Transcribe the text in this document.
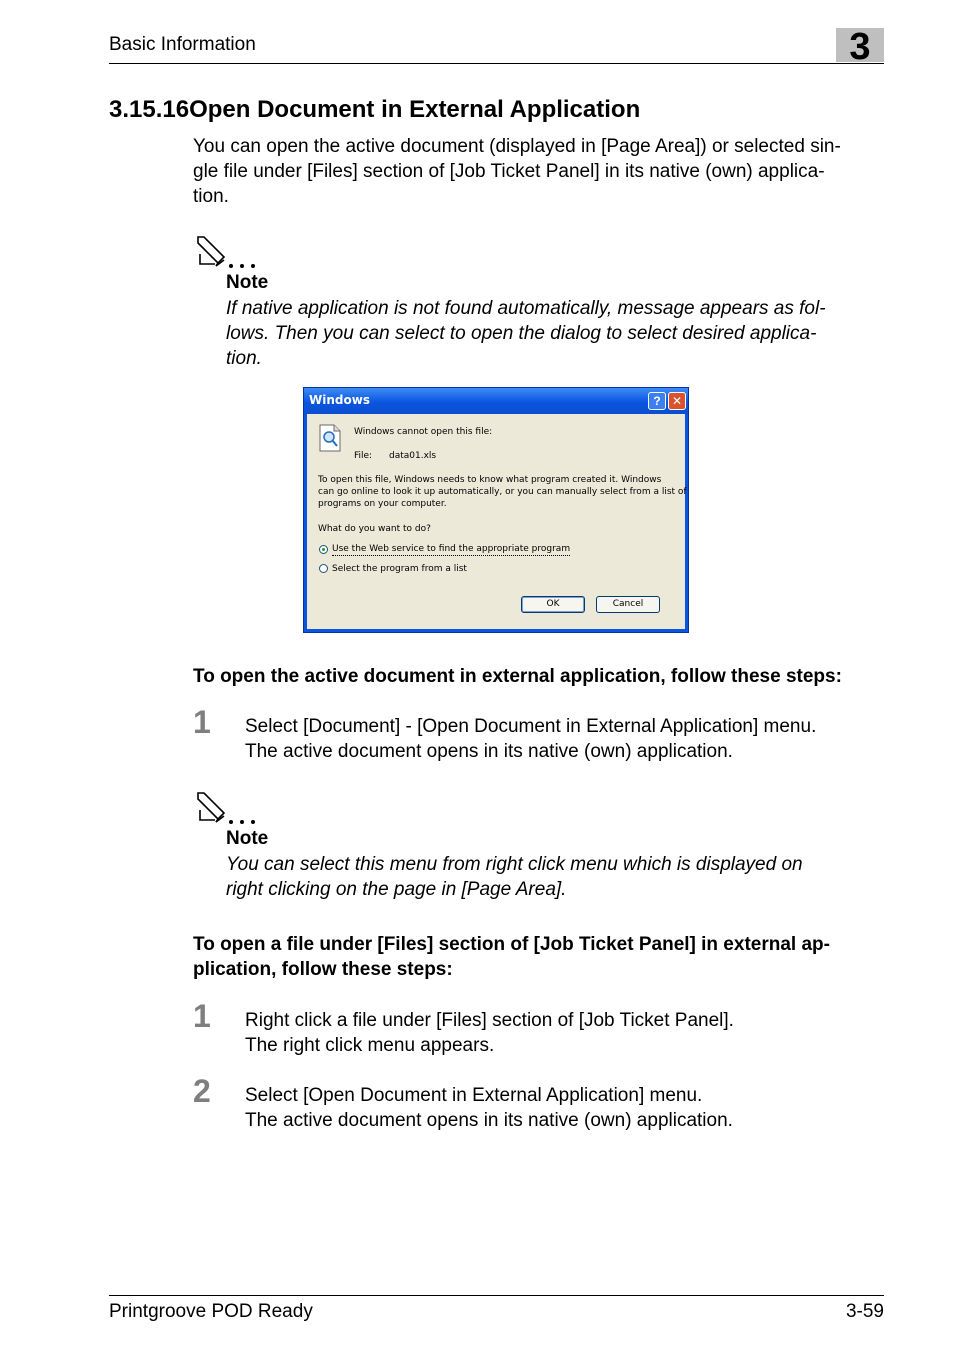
Basic Information	3
3.15.16Open Document in External Application
You can open the active document (displayed in [Page Area]) or selected sin-
gle file under [Files] section of [Job Ticket Panel] in its native (own) applica-
tion.
Note
If native application is not found automatically, message appears as fol-
lows. Then you can select to open the dialog to select desired applica-
tion.
Windows	? ✕
Windows cannot open this file:
File: data01.xls
To open this file, Windows needs to know what program created it. Windows
can go online to look it up automatically, or you can manually select from a list of
programs on your computer.
What do you want to do?
Use the Web service to find the appropriate program
Select the program from a list
OK	Cancel
To open the active document in external application, follow these steps:
1 Select [Document] - [Open Document in External Application] menu.
The active document opens in its native (own) application.
Note
You can select this menu from right click menu which is displayed on
right clicking on the page in [Page Area].
To open a file under [Files] section of [Job Ticket Panel] in external ap-
plication, follow these steps:
1 Right click a file under [Files] section of [Job Ticket Panel].
The right click menu appears.
2 Select [Open Document in External Application] menu.
The active document opens in its native (own) application.
Printgroove POD Ready	3-59
